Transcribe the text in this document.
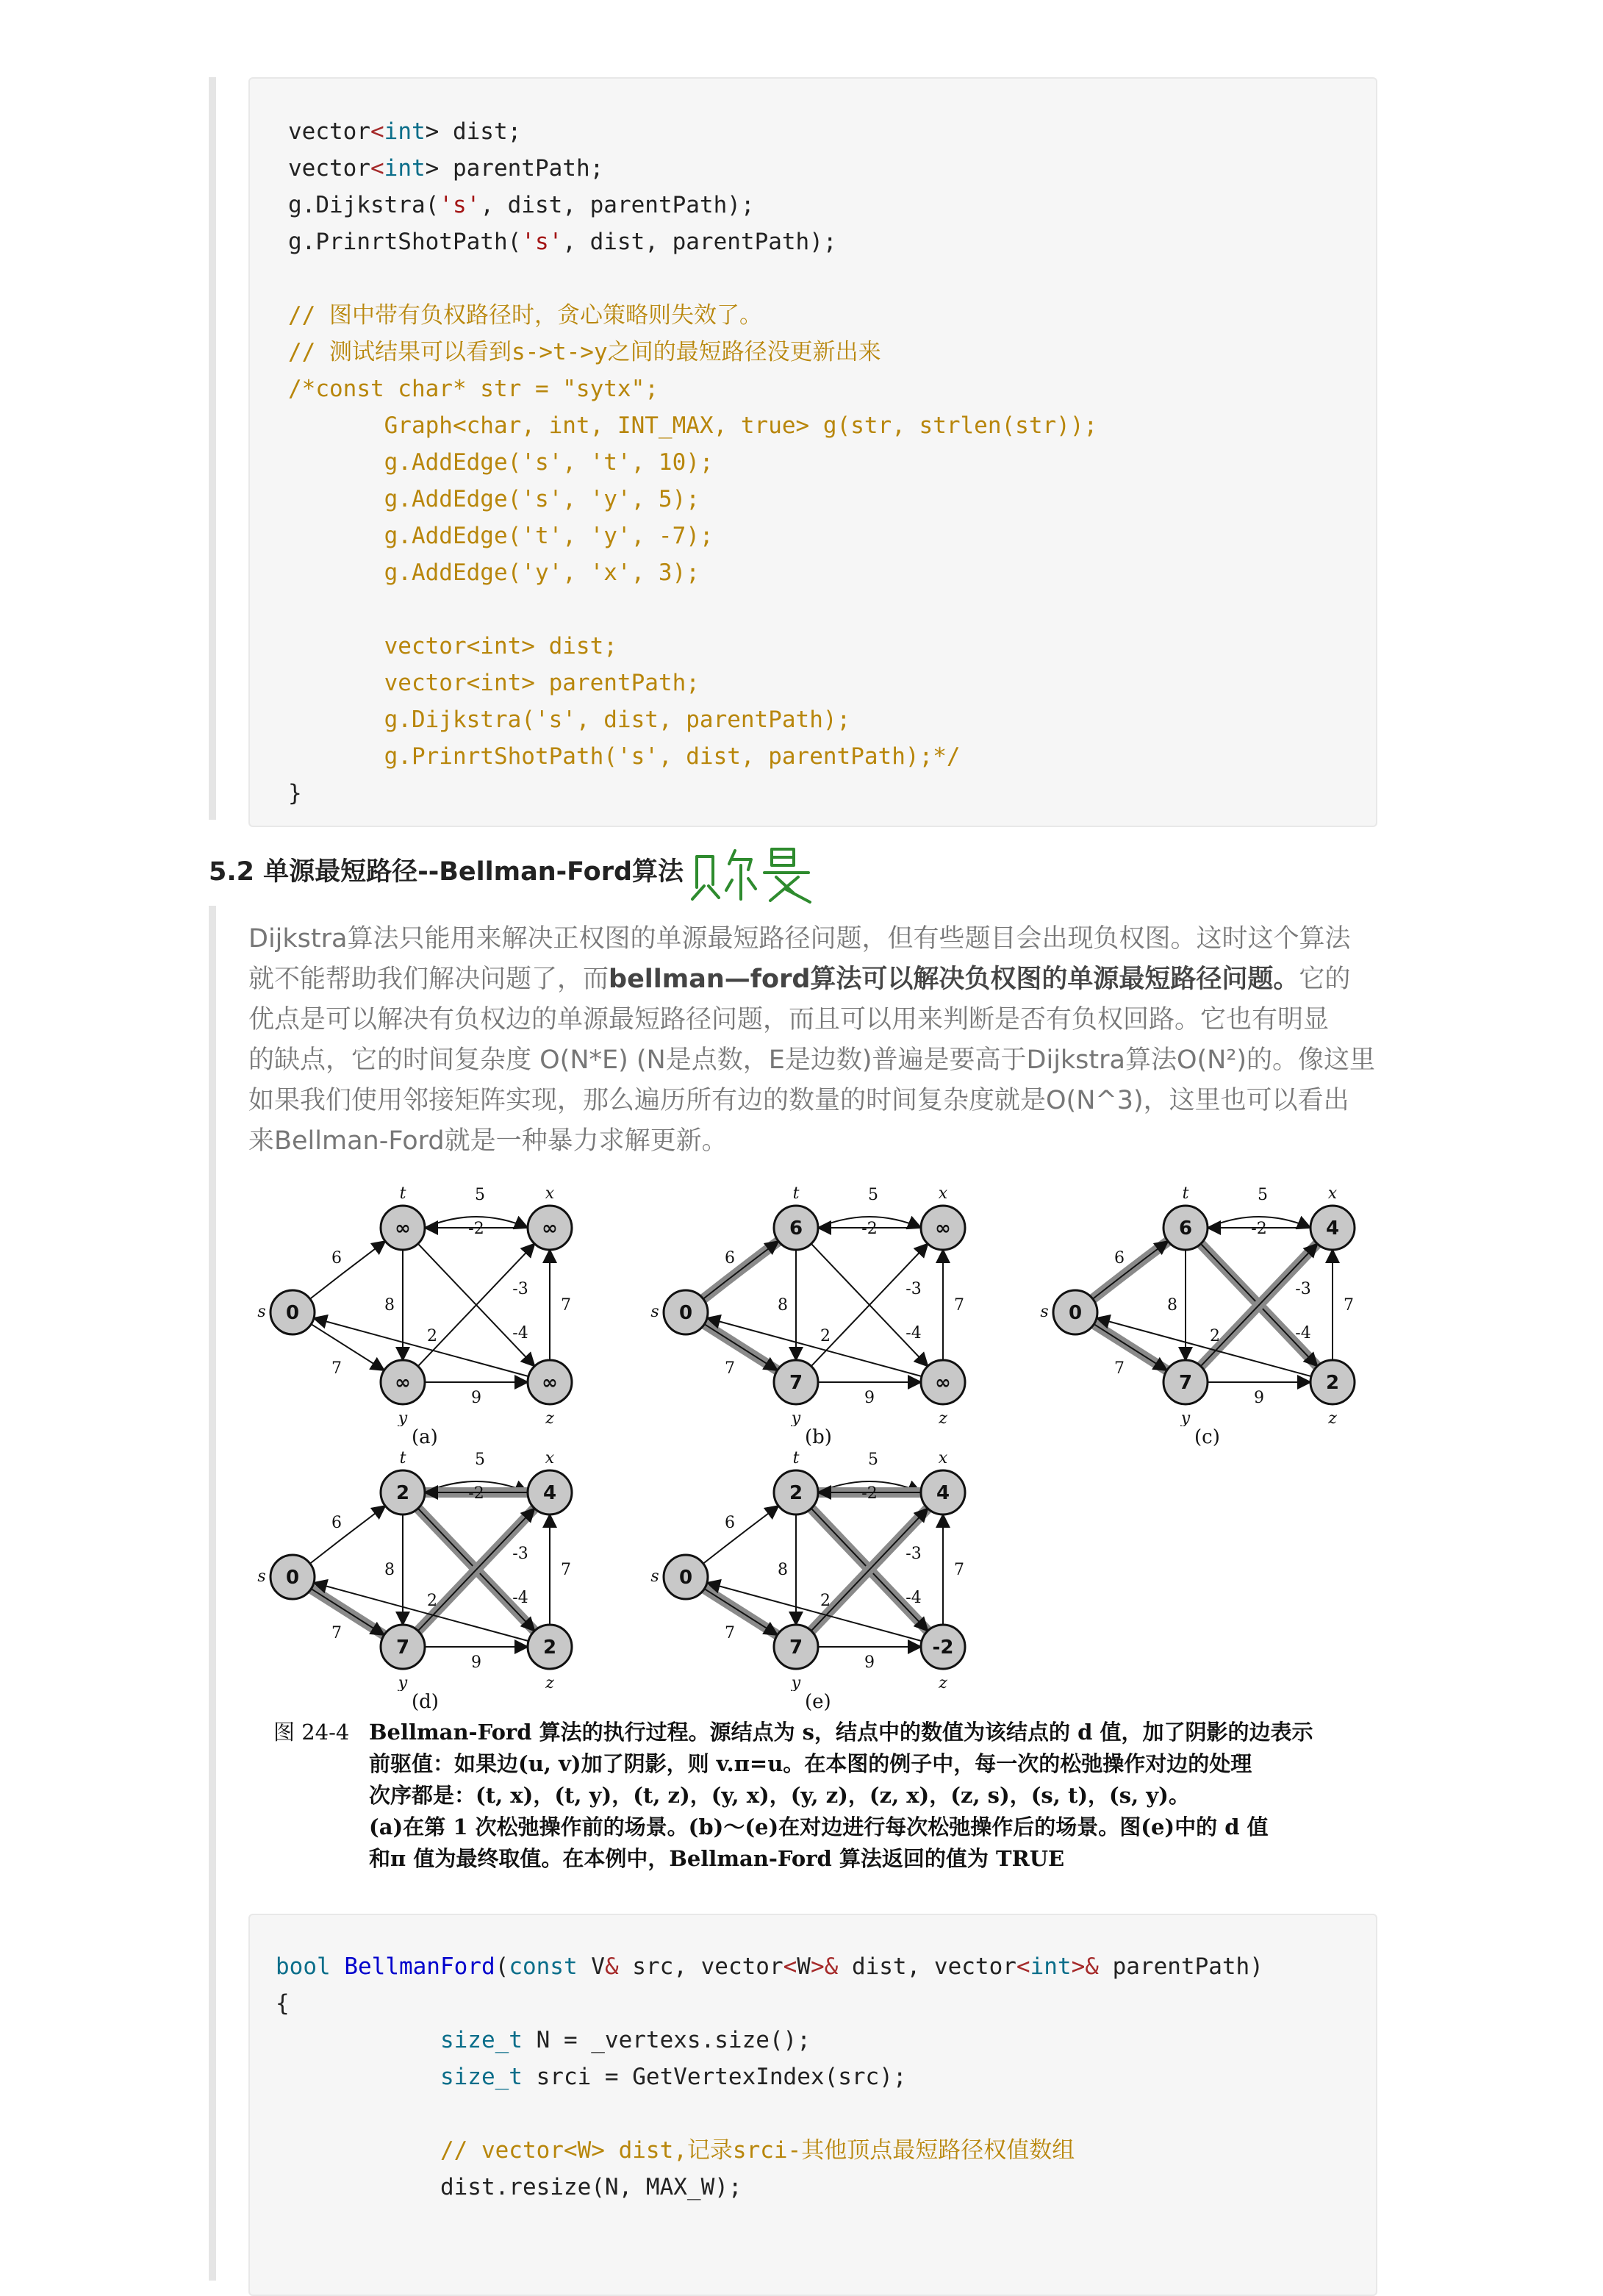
vector<int> dist;
vector<int> parentPath;
g.Dijkstra('s', dist, parentPath);
g.PrinrtShotPath('s', dist, parentPath);
// 图中带有负权路径时，贪心策略则失效了。
// 测试结果可以看到s->t->y之间的最短路径没更新出来
/*const char* str = "sytx";
Graph<char, int, INT_MAX, true> g(str, strlen(str));
g.AddEdge('s', 't', 10);
g.AddEdge('s', 'y', 5);
g.AddEdge('t', 'y', -7);
g.AddEdge('y', 'x', 3);
vector<int> dist;
vector<int> parentPath;
g.Dijkstra('s', dist, parentPath);
g.PrinrtShotPath('s', dist, parentPath);*/
}
5.2 单源最短路径--Bellman-Ford算法
Dijkstra算法只能用来解决正权图的单源最短路径问题，但有些题目会出现负权图。这时这个算法
就不能帮助我们解决问题了，而bellman—ford算法可以解决负权图的单源最短路径问题。它的
优点是可以解决有负权边的单源最短路径问题，而且可以用来判断是否有负权回路。它也有明显
的缺点，它的时间复杂度 O(N*E) (N是点数，E是边数)普遍是要高于Dijkstra算法O(N²)的。像这里
如果我们使用邻接矩阵实现，那么遍历所有边的数量的时间复杂度就是O(N^3)，这里也可以看出
来Bellman-Ford就是一种暴力求解更新。
6
7
5
-2
8
-4
-3
9
7
2
0
s
∞
t
∞
x
∞
y
∞
z
(a)
6
7
5
-2
8
-4
-3
9
7
2
0
s
6
t
∞
x
7
y
∞
z
(b)
6
7
5
-2
8
-4
-3
9
7
2
0
s
6
t
4
x
7
y
2
z
(c)
6
7
5
-2
8
-4
-3
9
7
2
0
s
2
t
4
x
7
y
2
z
(d)
6
7
5
-2
8
-4
-3
9
7
2
0
s
2
t
4
x
7
y
-2
z
(e)
图 24-4 Bellman-Ford 算法的执行过程。源结点为 s，结点中的数值为该结点的 d 值，加了阴影的边表示
前驱值：如果边(u, v)加了阴影，则 v.π=u。在本图的例子中，每一次的松弛操作对边的处理
次序都是：(t, x)，(t, y)，(t, z)，(y, x)，(y, z)，(z, x)，(z, s)，(s, t)，(s, y)。
(a)在第 1 次松弛操作前的场景。(b)～(e)在对边进行每次松弛操作后的场景。图(e)中的 d 值
和π 值为最终取值。在本例中，Bellman-Ford 算法返回的值为 TRUE
bool BellmanFord(const V& src, vector<W>& dist, vector<int>& parentPath)
{
size_t N = _vertexs.size();
size_t srci = GetVertexIndex(src);
// vector<W> dist,记录srci-其他顶点最短路径权值数组
dist.resize(N, MAX_W);
